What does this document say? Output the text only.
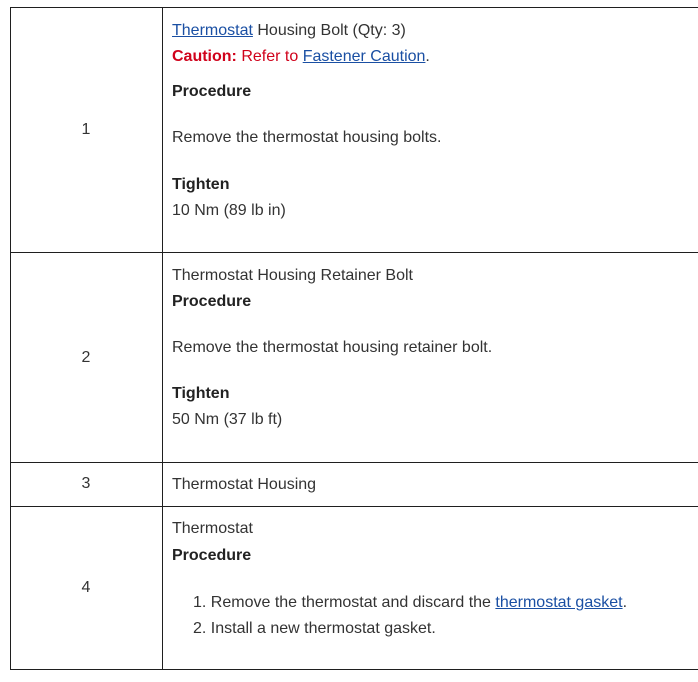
1
Thermostat Housing Bolt (Qty: 3)
Caution: Refer to Fastener Caution.
Procedure
Remove the thermostat housing bolts.
Tighten
10 Nm (89 lb in)
2
Thermostat Housing Retainer Bolt
Procedure
Remove the thermostat housing retainer bolt.
Tighten
50 Nm (37 lb ft)
3	Thermostat Housing
4
Thermostat
Procedure
1. Remove the thermostat and discard the thermostat gasket.
2. Install a new thermostat gasket.
